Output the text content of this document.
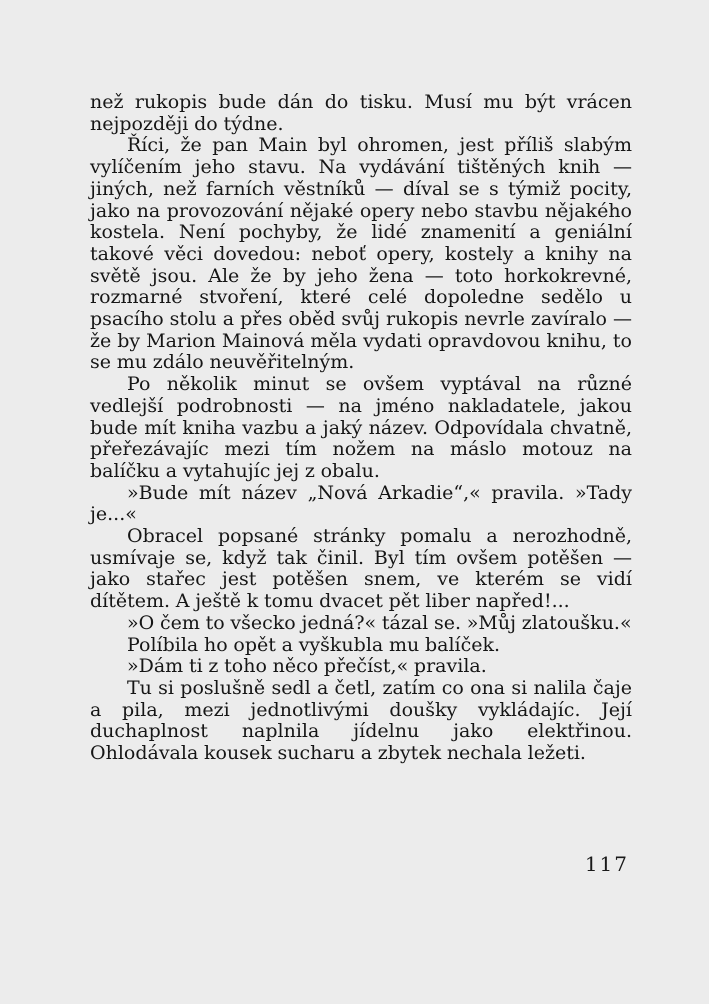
než rukopis bude dán do tisku. Musí mu být vrácen nejpozději do týdne.

Říci, že pan Main byl ohromen, jest příliš slabým vylíčením jeho stavu. Na vydávání tištěných knih — jiných, než farních věstníků — díval se s týmiž pocity, jako na provozování nějaké opery nebo stavbu nějakého kostela. Není pochyby, že lidé znamenití a geniální takové věci dovedou: neboť opery, kostely a knihy na světě jsou. Ale že by jeho žena — toto horkokrevné, rozmarné stvoření, které celé dopoledne sedělo u psacího stolu a přes oběd svůj rukopis nevrle zavíralo — že by Marion Mainová měla vydati opravdovou knihu, to se mu zdálo neuvěřitelným.

Po několik minut se ovšem vyptával na různé vedlejší podrobnosti — na jméno nakladatele, jakou bude mít kniha vazbu a jaký název. Odpovídala chvatně, přeřezávajíc mezi tím nožem na máslo motouz na balíčku a vytahujíc jej z obalu.

»Bude mít název „Nová Arkadie“,« pravila. »Tady je...«

Obracel popsané stránky pomalu a nerozhodně, usmívaje se, když tak činil. Byl tím ovšem potěšen — jako stařec jest potěšen snem, ve kterém se vidí dítětem. A ještě k tomu dvacet pět liber napřed!...

»O čem to všecko jedná?« tázal se. »Můj zlatoušku.«

Políbila ho opět a vyškubla mu balíček.

»Dám ti z toho něco přečíst,« pravila.

Tu si poslušně sedl a četl, zatím co ona si nalila čaje a pila, mezi jednotlivými doušky vykládajíc. Její duchaplnost naplnila jídelnu jako elektřinou. Ohlodávala kousek sucharu a zbytek nechala ležeti.

117
